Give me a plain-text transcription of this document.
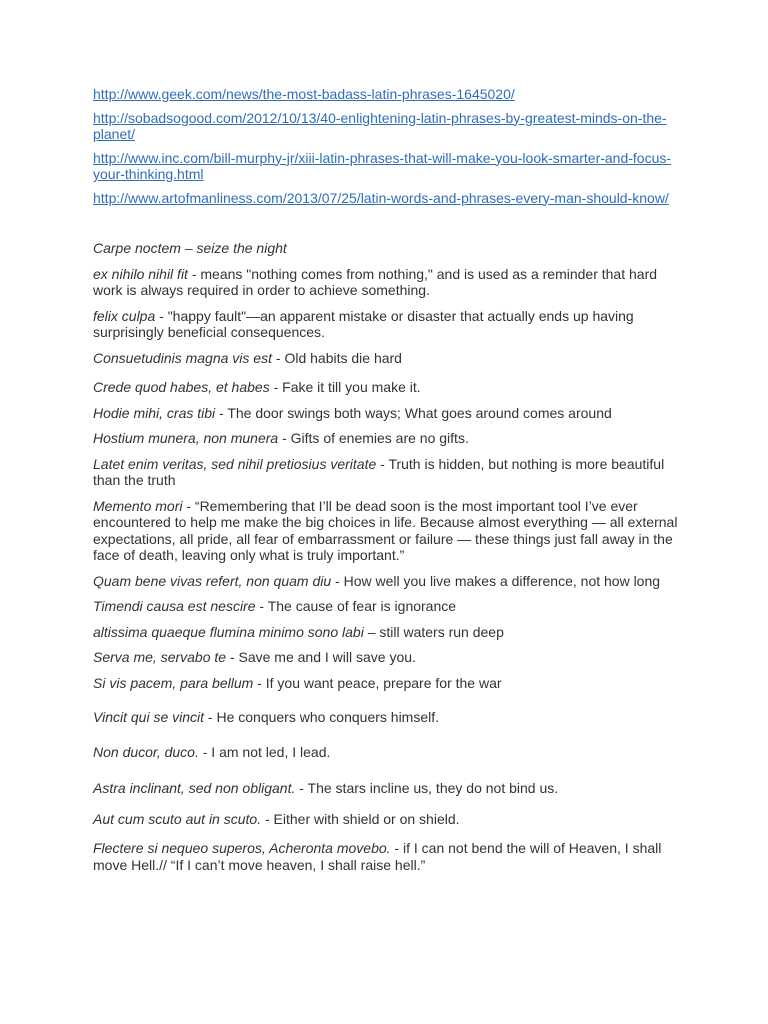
http://www.geek.com/news/the-most-badass-latin-phrases-1645020/
http://sobadsogood.com/2012/10/13/40-enlightening-latin-phrases-by-greatest-minds-on-the-planet/
http://www.inc.com/bill-murphy-jr/xiii-latin-phrases-that-will-make-you-look-smarter-and-focus-your-thinking.html
http://www.artofmanliness.com/2013/07/25/latin-words-and-phrases-every-man-should-know/
Carpe noctem – seize the night
ex nihilo nihil fit - means "nothing comes from nothing," and is used as a reminder that hard work is always required in order to achieve something.
felix culpa - "happy fault"—an apparent mistake or disaster that actually ends up having surprisingly beneficial consequences.
Consuetudinis magna vis est - Old habits die hard
Crede quod habes, et habes - Fake it till you make it.
Hodie mihi, cras tibi - The door swings both ways; What goes around comes around
Hostium munera, non munera - Gifts of enemies are no gifts.
Latet enim veritas, sed nihil pretiosius veritate - Truth is hidden, but nothing is more beautiful than the truth
Memento mori - “Remembering that I’ll be dead soon is the most important tool I’ve ever encountered to help me make the big choices in life. Because almost everything — all external expectations, all pride, all fear of embarrassment or failure — these things just fall away in the face of death, leaving only what is truly important.”
Quam bene vivas refert, non quam diu - How well you live makes a difference, not how long
Timendi causa est nescire - The cause of fear is ignorance
altissima quaeque flumina minimo sono labi – still waters run deep
Serva me, servabo te - Save me and I will save you.
Si vis pacem, para bellum - If you want peace, prepare for the war
Vincit qui se vincit - He conquers who conquers himself.
Non ducor, duco. - I am not led, I lead.
Astra inclinant, sed non obligant. - The stars incline us, they do not bind us.
Aut cum scuto aut in scuto. - Either with shield or on shield.
Flectere si nequeo superos, Acheronta movebo. - if I can not bend the will of Heaven, I shall move Hell.// “If I can’t move heaven, I shall raise hell.”
